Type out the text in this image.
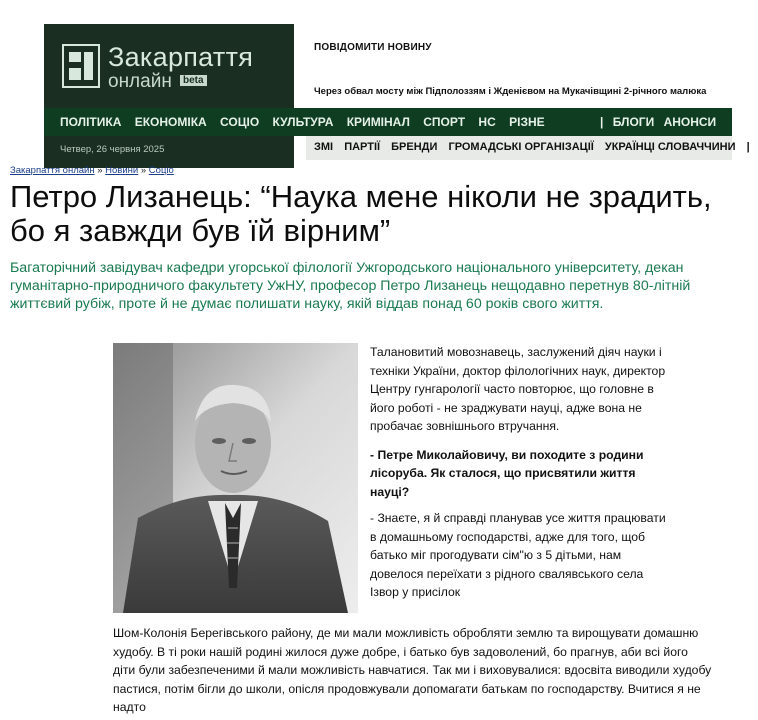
Закарпаття
онлайн	beta
ПОВІДОМИТИ НОВИНУ
Через обвал мосту між Підполоззям і Жденієвом на Мукачівщині 2-річного малюка
ПОЛІТИКА ЕКОНОМІКА СОЦІО КУЛЬТУРА КРИМІНАЛ СПОРТ НС РІЗНЕ	| БЛОГИ АНОНСИ
Четвер, 26 червня 2025	ЗМІ ПАРТІЇ БРЕНДИ ГРОМАДСЬКІ ОРГАНІЗАЦІЇ УКРАЇНЦІ СЛОВАЧЧИНИ |
Закарпаття онлайн » Новини » Соціо
Петро Лизанець: “Наука мене ніколи не зрадить, бо я завжди був їй вірним”
Багаторічний завідувач кафедри угорської філології Ужгородського національного університету, декан гуманітарно-природничого факультету УжНУ, професор Петро Лизанець нещодавно перетнув 80-літній життєвий рубіж, проте й не думає полишати науку, якій віддав понад 60 років свого життя.

Талановитий мовознавець, заслужений діяч науки і техніки України, доктор філологічних наук, директор Центру гунгарології часто повторює, що головне в його роботі - не зраджувати науці, адже вона не пробачає зовнішнього втручання.

- Петре Миколайовичу, ви походите з родини лісоруба. Як сталося, що присвятили життя науці?

- Знаєте, я й справді планував усе життя працювати в домашньому господарстві, адже для того, щоб батько міг прогодувати сім"ю з 5 дітьми, нам довелося переїхати з рідного свалявського села Ізвор у присілок

Шом-Колонія Берегівського району, де ми мали можливість обробляти землю та вирощувати домашню худобу. В ті роки нашій родині жилося дуже добре, і батько був задоволений, бо прагнув, аби всі його діти були забезпеченими й мали можливість навчатися. Так ми і виховувалися: вдосвіта виводили худобу пастися, потім бігли до школи, опісля продовжували допомагати батькам по господарству. Вчитися я не надто
